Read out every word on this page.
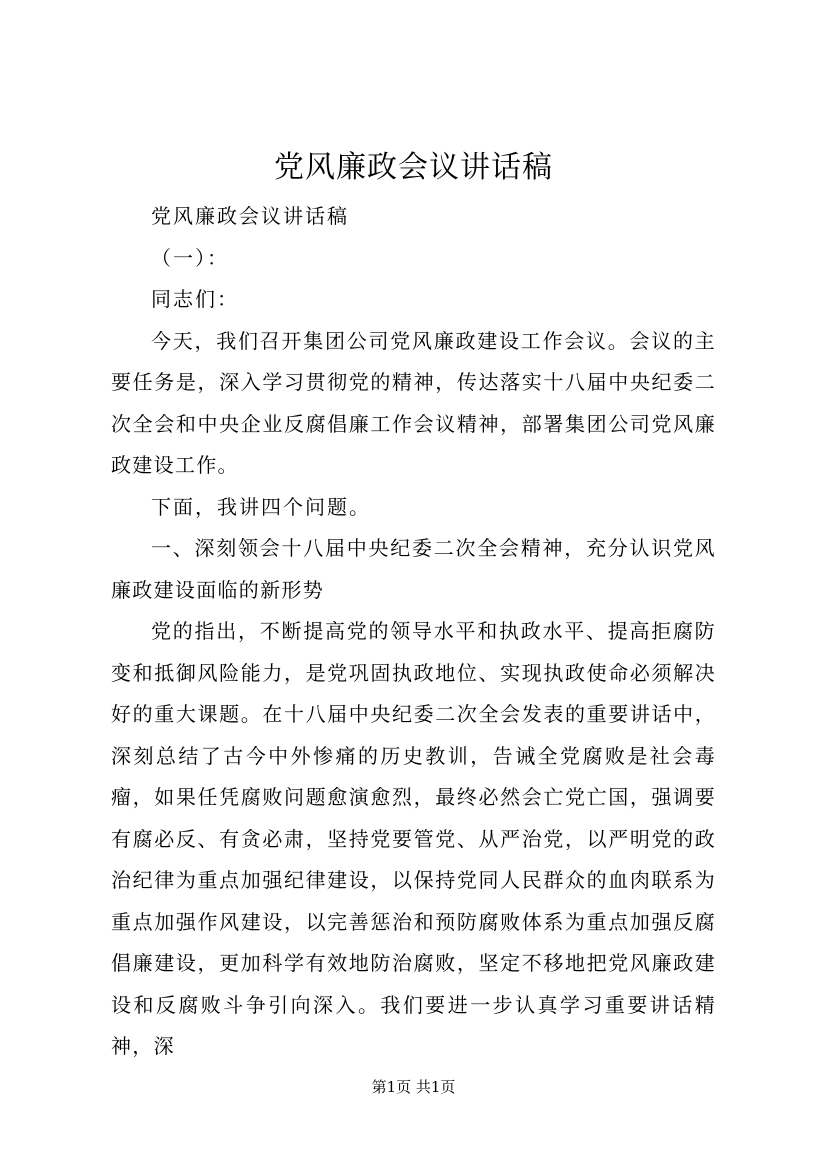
党风廉政会议讲话稿

党风廉政会议讲话稿

（一）：

同志们：

今天，我们召开集团公司党风廉政建设工作会议。会议的主要任务是，深入学习贯彻党的精神，传达落实十八届中央纪委二次全会和中央企业反腐倡廉工作会议精神，部署集团公司党风廉政建设工作。

下面，我讲四个问题。

一、深刻领会十八届中央纪委二次全会精神，充分认识党风廉政建设面临的新形势

党的指出，不断提高党的领导水平和执政水平、提高拒腐防变和抵御风险能力，是党巩固执政地位、实现执政使命必须解决好的重大课题。在十八届中央纪委二次全会发表的重要讲话中，深刻总结了古今中外惨痛的历史教训，告诫全党腐败是社会毒瘤，如果任凭腐败问题愈演愈烈，最终必然会亡党亡国，强调要有腐必反、有贪必肃，坚持党要管党、从严治党，以严明党的政治纪律为重点加强纪律建设，以保持党同人民群众的血肉联系为重点加强作风建设，以完善惩治和预防腐败体系为重点加强反腐倡廉建设，更加科学有效地防治腐败，坚定不移地把党风廉政建设和反腐败斗争引向深入。我们要进一步认真学习重要讲话精神，深

第1页 共1页
